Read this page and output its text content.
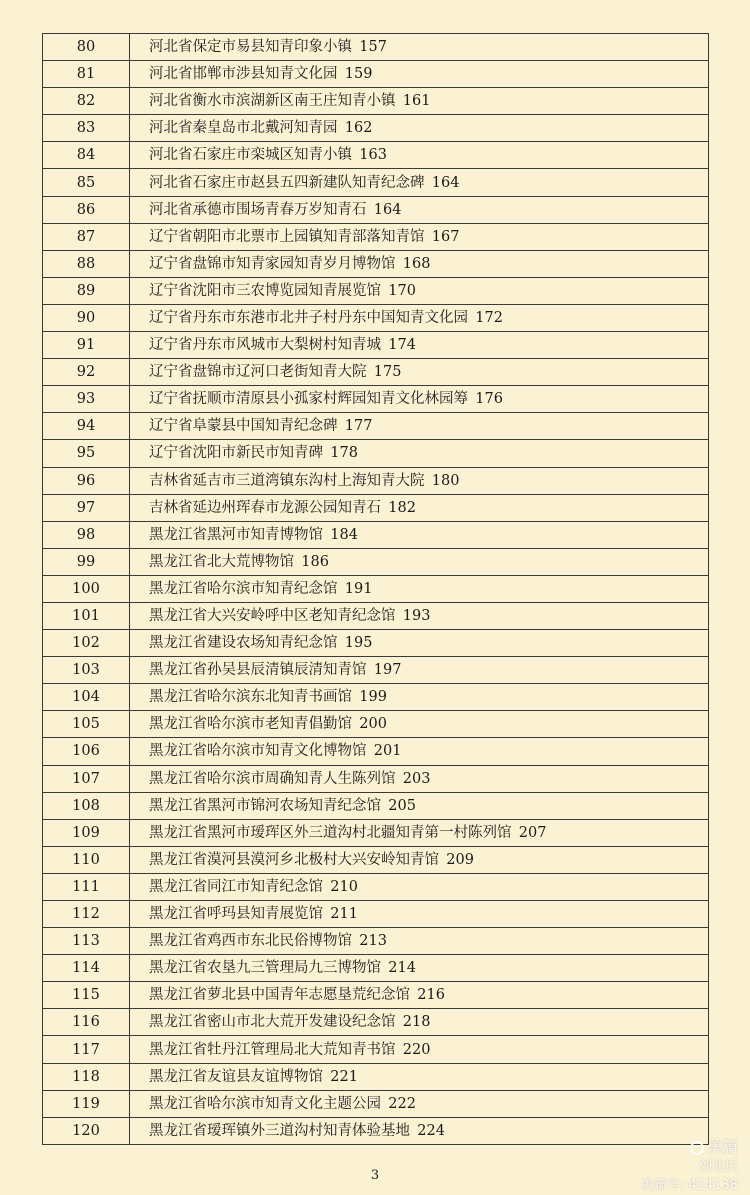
80	河北省保定市易县知青印象小镇  157
81	河北省邯郸市涉县知青文化园  159
82	河北省衡水市滨湖新区南王庄知青小镇  161
83	河北省秦皇岛市北戴河知青园  162
84	河北省石家庄市栾城区知青小镇  163
85	河北省石家庄市赵县五四新建队知青纪念碑  164
86	河北省承德市围场青春万岁知青石  164
87	辽宁省朝阳市北票市上园镇知青部落知青馆  167
88	辽宁省盘锦市知青家园知青岁月博物馆  168
89	辽宁省沈阳市三农博览园知青展览馆  170
90	辽宁省丹东市东港市北井子村丹东中国知青文化园  172
91	辽宁省丹东市风城市大梨树村知青城  174
92	辽宁省盘锦市辽河口老街知青大院  175
93	辽宁省抚顺市清原县小孤家村辉园知青文化林园筹  176
94	辽宁省阜蒙县中国知青纪念碑  177
95	辽宁省沈阳市新民市知青碑  178
96	吉林省延吉市三道湾镇东沟村上海知青大院  180
97	吉林省延边州珲春市龙源公园知青石  182
98	黑龙江省黑河市知青博物馆  184
99	黑龙江省北大荒博物馆  186
100	黑龙江省哈尔滨市知青纪念馆  191
101	黑龙江省大兴安岭呼中区老知青纪念馆  193
102	黑龙江省建设农场知青纪念馆  195
103	黑龙江省孙吴县辰清镇辰清知青馆  197
104	黑龙江省哈尔滨东北知青书画馆  199
105	黑龙江省哈尔滨市老知青倡勤馆  200
106	黑龙江省哈尔滨市知青文化博物馆  201
107	黑龙江省哈尔滨市周确知青人生陈列馆  203
108	黑龙江省黑河市锦河农场知青纪念馆  205
109	黑龙江省黑河市瑷珲区外三道沟村北疆知青第一村陈列馆  207
110	黑龙江省漠河县漠河乡北极村大兴安岭知青馆  209
111	黑龙江省同江市知青纪念馆  210
112	黑龙江省呼玛县知青展览馆  211
113	黑龙江省鸡西市东北民俗博物馆  213
114	黑龙江省农垦九三管理局九三博物馆  214
115	黑龙江省萝北县中国青年志愿垦荒纪念馆  216
116	黑龙江省密山市北大荒开发建设纪念馆  218
117	黑龙江省牡丹江管理局北大荒知青书馆  220
118	黑龙江省友谊县友谊博物馆  221
119	黑龙江省哈尔滨市知青文化主题公园  222
120	黑龙江省瑷珲镇外三道沟村知青体验基地  224
3
美篇
刘北民
美篇号: 414138
